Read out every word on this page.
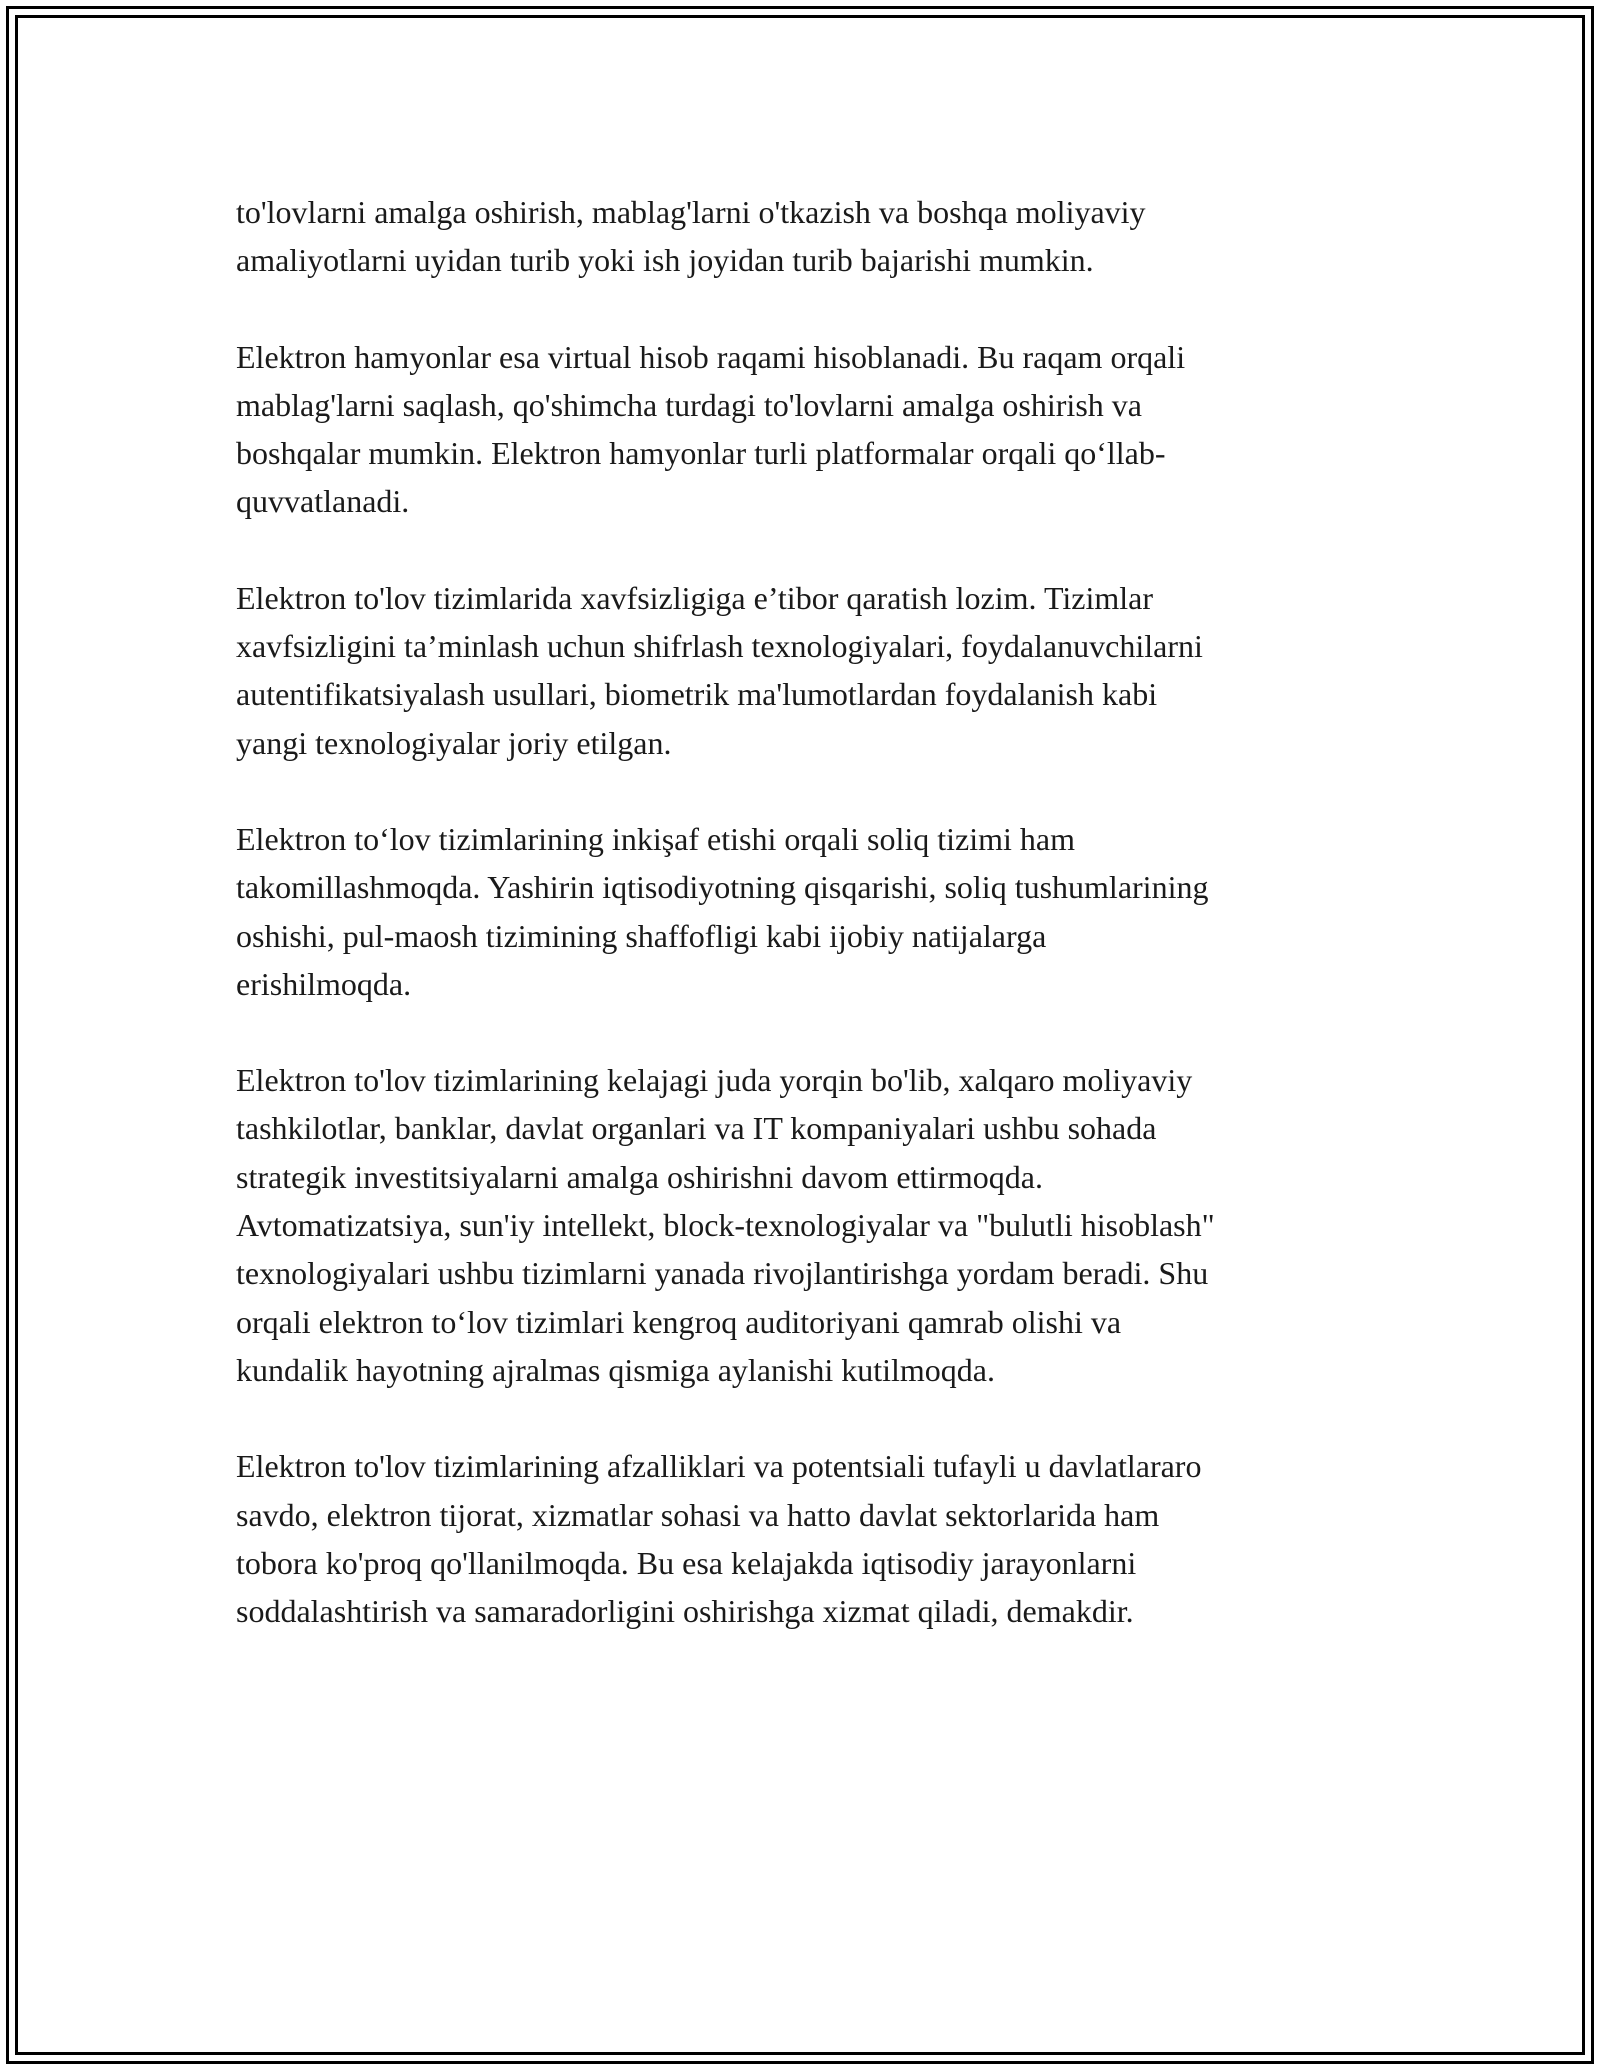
to'lovlarni amalga oshirish, mablag'larni o'tkazish va boshqa moliyaviy
amaliyotlarni uyidan turib yoki ish joyidan turib bajarishi mumkin.

Elektron hamyonlar esa virtual hisob raqami hisoblanadi. Bu raqam orqali
mablag'larni saqlash, qo'shimcha turdagi to'lovlarni amalga oshirish va
boshqalar mumkin. Elektron hamyonlar turli platformalar orqali qo‘llab-
quvvatlanadi.

Elektron to'lov tizimlarida xavfsizligiga e’tibor qaratish lozim. Tizimlar
xavfsizligini ta’minlash uchun shifrlash texnologiyalari, foydalanuvchilarni
autentifikatsiyalash usullari, biometrik ma'lumotlardan foydalanish kabi
yangi texnologiyalar joriy etilgan.

Elektron to‘lov tizimlarining inkişaf etishi orqali soliq tizimi ham
takomillashmoqda. Yashirin iqtisodiyotning qisqarishi, soliq tushumlarining
oshishi, pul-maosh tizimining shaffofligi kabi ijobiy natijalarga
erishilmoqda.

Elektron to'lov tizimlarining kelajagi juda yorqin bo'lib, xalqaro moliyaviy
tashkilotlar, banklar, davlat organlari va IT kompaniyalari ushbu sohada
strategik investitsiyalarni amalga oshirishni davom ettirmoqda.
Avtomatizatsiya, sun'iy intellekt, block-texnologiyalar va "bulutli hisoblash"
texnologiyalari ushbu tizimlarni yanada rivojlantirishga yordam beradi. Shu
orqali elektron to‘lov tizimlari kengroq auditoriyani qamrab olishi va
kundalik hayotning ajralmas qismiga aylanishi kutilmoqda.

Elektron to'lov tizimlarining afzalliklari va potentsiali tufayli u davlatlararo
savdo, elektron tijorat, xizmatlar sohasi va hatto davlat sektorlarida ham
tobora ko'proq qo'llanilmoqda. Bu esa kelajakda iqtisodiy jarayonlarni
soddalashtirish va samaradorligini oshirishga xizmat qiladi, demakdir.
